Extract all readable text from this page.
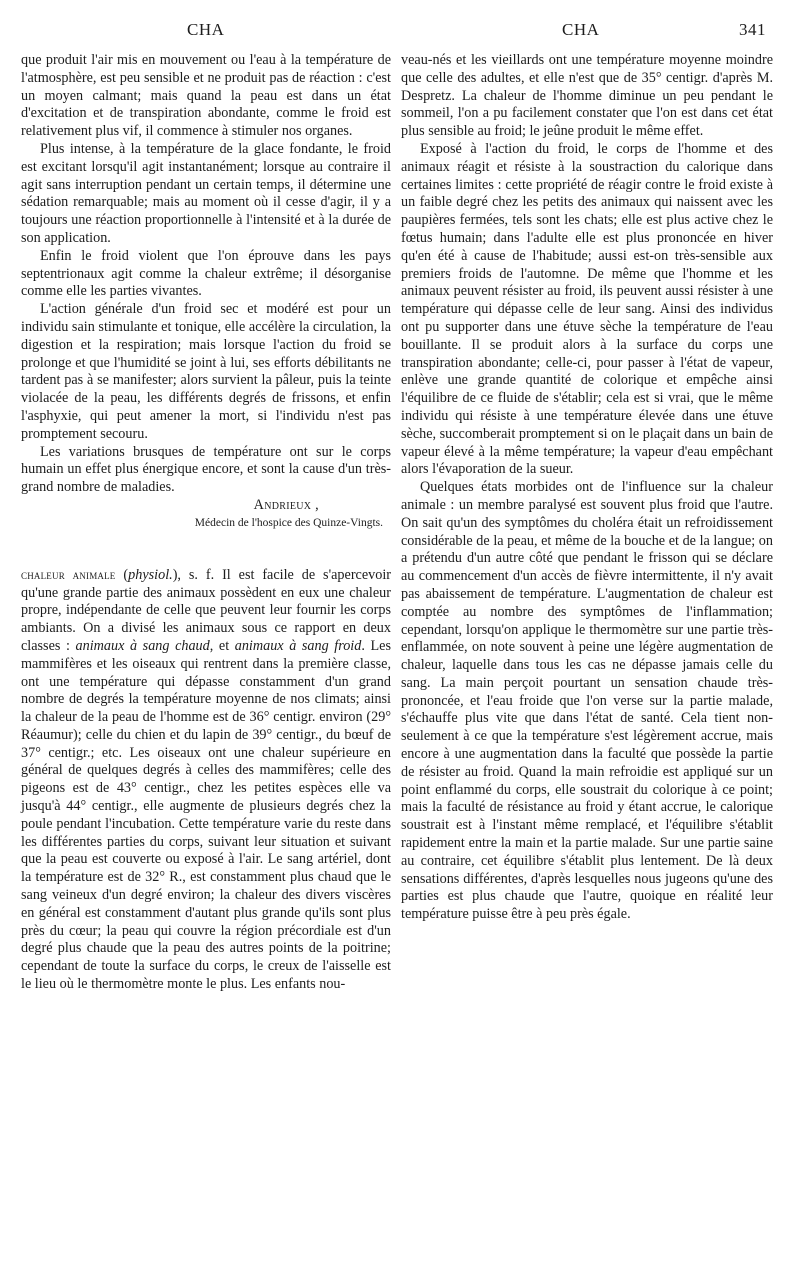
CHA	CHA	341

que produit l'air mis en mouvement ou l'eau à la température de l'atmosphère, est peu sensible et ne produit pas de réaction : c'est un moyen calmant; mais quand la peau est dans un état d'excitation et de transpiration abondante, comme le froid est relativement plus vif, il commence à stimuler nos organes.

Plus intense, à la température de la glace fondante, le froid est excitant lorsqu'il agit instantanément; lorsque au contraire il agit sans interruption pendant un certain temps, il détermine une sédation remarquable; mais au moment où il cesse d'agir, il y a toujours une réaction proportionnelle à l'intensité et à la durée de son application.

Enfin le froid violent que l'on éprouve dans les pays septentrionaux agit comme la chaleur extrême; il désorganise comme elle les parties vivantes.

L'action générale d'un froid sec et modéré est pour un individu sain stimulante et tonique, elle accélère la circulation, la digestion et la respiration; mais lorsque l'action du froid se prolonge et que l'humidité se joint à lui, ses efforts débilitants ne tardent pas à se manifester; alors survient la pâleur, puis la teinte violacée de la peau, les différents degrés de frissons, et enfin l'asphyxie, qui peut amener la mort, si l'individu n'est pas promptement secouru.

Les variations brusques de température ont sur le corps humain un effet plus énergique encore, et sont la cause d'un très-grand nombre de maladies.

Andrieux ,
Médecin de l'hospice des Quinze-Vingts.

chaleur animale (physiol.), s. f. Il est facile de s'apercevoir qu'une grande partie des animaux possèdent en eux une chaleur propre, indépendante de celle que peuvent leur fournir les corps ambiants. On a divisé les animaux sous ce rapport en deux classes : animaux à sang chaud, et animaux à sang froid. Les mammifères et les oiseaux qui rentrent dans la première classe, ont une température qui dépasse constamment d'un grand nombre de degrés la température moyenne de nos climats; ainsi la chaleur de la peau de l'homme est de 36° centigr. environ (29° Réaumur); celle du chien et du lapin de 39° centigr., du bœuf de 37° centigr.; etc. Les oiseaux ont une chaleur supérieure en général de quelques degrés à celles des mammifères; celle des pigeons est de 43° centigr., chez les petites espèces elle va jusqu'à 44° centigr., elle augmente de plusieurs degrés chez la poule pendant l'incubation. Cette température varie du reste dans les différentes parties du corps, suivant leur situation et suivant que la peau est couverte ou exposé à l'air. Le sang artériel, dont la température est de 32° R., est constamment plus chaud que le sang veineux d'un degré environ; la chaleur des divers viscères en général est constamment d'autant plus grande qu'ils sont plus près du cœur; la peau qui couvre la région précordiale est d'un degré plus chaude que la peau des autres points de la poitrine; cependant de toute la surface du corps, le creux de l'aisselle est le lieu où le thermomètre monte le plus. Les enfants nou-

veau-nés et les vieillards ont une température moyenne moindre que celle des adultes, et elle n'est que de 35° centigr. d'après M. Despretz. La chaleur de l'homme diminue un peu pendant le sommeil, l'on a pu facilement constater que l'on est dans cet état plus sensible au froid; le jeûne produit le même effet.

Exposé à l'action du froid, le corps de l'homme et des animaux réagit et résiste à la soustraction du calorique dans certaines limites : cette propriété de réagir contre le froid existe à un faible degré chez les petits des animaux qui naissent avec les paupières fermées, tels sont les chats; elle est plus active chez le fœtus humain; dans l'adulte elle est plus prononcée en hiver qu'en été à cause de l'habitude; aussi est-on très-sensible aux premiers froids de l'automne. De même que l'homme et les animaux peuvent résister au froid, ils peuvent aussi résister à une température qui dépasse celle de leur sang. Ainsi des individus ont pu supporter dans une étuve sèche la température de l'eau bouillante. Il se produit alors à la surface du corps une transpiration abondante; celle-ci, pour passer à l'état de vapeur, enlève une grande quantité de colorique et empêche ainsi l'équilibre de ce fluide de s'établir; cela est si vrai, que le même individu qui résiste à une température élevée dans une étuve sèche, succomberait promptement si on le plaçait dans un bain de vapeur élevé à la même température; la vapeur d'eau empêchant alors l'évaporation de la sueur.

Quelques états morbides ont de l'influence sur la chaleur animale : un membre paralysé est souvent plus froid que l'autre. On sait qu'un des symptômes du choléra était un refroidissement considérable de la peau, et même de la bouche et de la langue; on a prétendu d'un autre côté que pendant le frisson qui se déclare au commencement d'un accès de fièvre intermittente, il n'y avait pas abaissement de température. L'augmentation de chaleur est comptée au nombre des symptômes de l'inflammation; cependant, lorsqu'on applique le thermomètre sur une partie très-enflammée, on note souvent à peine une légère augmentation de chaleur, laquelle dans tous les cas ne dépasse jamais celle du sang. La main perçoit pourtant un sensation chaude très-prononcée, et l'eau froide que l'on verse sur la partie malade, s'échauffe plus vite que dans l'état de santé. Cela tient non-seulement à ce que la température s'est légèrement accrue, mais encore à une augmentation dans la faculté que possède la partie de résister au froid. Quand la main refroidie est appliqué sur un point enflammé du corps, elle soustrait du colorique à ce point; mais la faculté de résistance au froid y étant accrue, le calorique soustrait est à l'instant même remplacé, et l'équilibre s'établit rapidement entre la main et la partie malade. Sur une partie saine au contraire, cet équilibre s'établit plus lentement. De là deux sensations différentes, d'après lesquelles nous jugeons qu'une des parties est plus chaude que l'autre, quoique en réalité leur température puisse être à peu près égale.
